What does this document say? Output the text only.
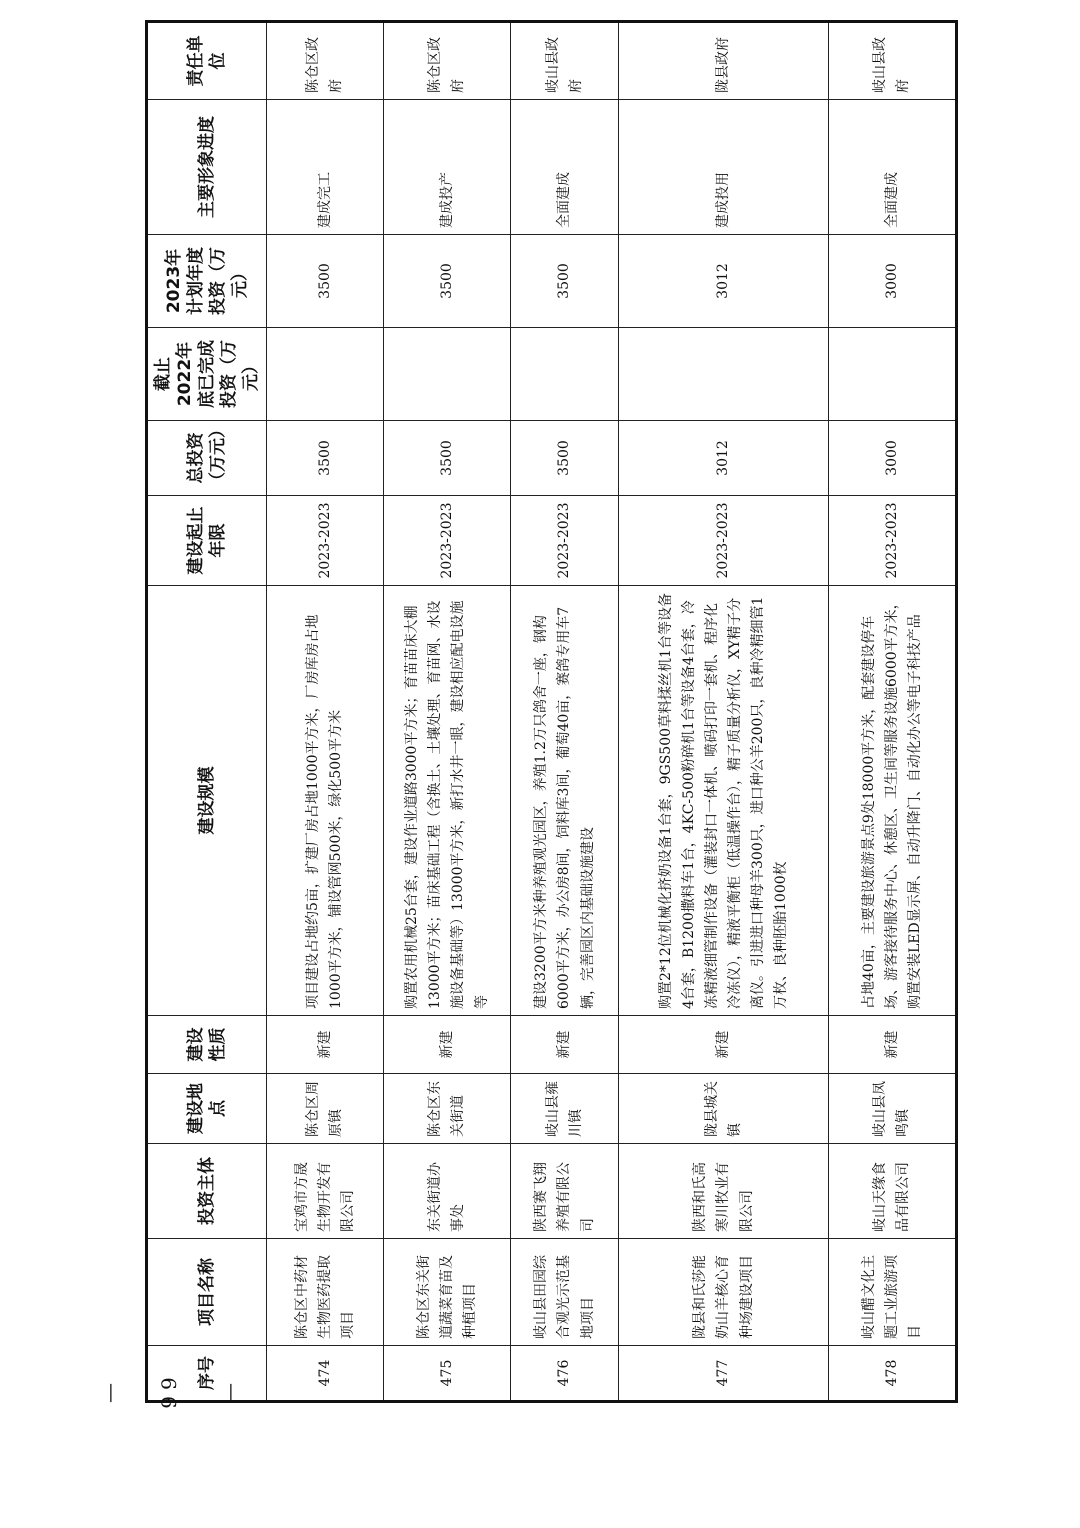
序号	项目名称	投资主体	建设地点	建设性质	建设规模	建设起止年限	总投资（万元）	截止2022年底已完成投资（万元）	2023年计划年度投资（万元）	主要形象进度	责任单位
474	陈仓区中药材生物医药提取项目	宝鸡市方晟生物开发有限公司	陈仓区周原镇	新建	项目建设占地约5亩，扩建厂房占地1000平方米，厂房库房占地1000平方米，铺设管网500米，绿化500平方米	2023-2023	3500		3500	建成完工	陈仓区政府
475	陈仓区东关街道蔬菜育苗及种植项目	东关街道办事处	陈仓区东关街道	新建	购置农用机械25台套，建设作业道路3000平方米；育苗苗床大棚13000平方米；苗床基础工程（含换土、土壤处理、育苗网、水设施设备基础等）13000平方米，新打水井一眼，建设相应配电设施等	2023-2023	3500		3500	建成投产	陈仓区政府
476	岐山县田园综合观光示范基地项目	陕西赛飞翔养殖有限公司	岐山县雍川镇	新建	建设3200平方米种养殖观光园区，养殖1.2万只鸽舍一座，钢构6000平方米，办公房8间，饲料库3间，葡萄40亩，赛鸽专用车7辆，完善园区内基础设施建设	2023-2023	3500		3500	全面建成	岐山县政府
477	陇县和氏莎能奶山羊核心育种场建设项目	陕西和氏高寒川牧业有限公司	陇县城关镇	新建	购置2*12位机械化挤奶设备1台套，9GS500草料揉丝机1台等设备4台套，B1200撒料车1台，4KC-500粉碎机1台等设备4台套，冷冻精液细管制作设备（灌装封口一体机、喷码打印一套机、程序化冷冻仪），精液平衡柜（低温操作台），精子质量分析仪，XY精子分离仪。引进进口种母羊300只，进口种公羊200只，良种冷精细管1万枚、良种胚胎1000枚	2023-2023	3012		3012	建成投用	陇县政府
478	岐山醋文化主题工业旅游项目	岐山天缘食品有限公司	岐山县凤鸣镇	新建	占地40亩，主要建设旅游景点9处18000平方米，配套建设停车场、游客接待服务中心、休憩区、卫生间等服务设施6000平方米，购置安装LED显示屏、自动升降门、自动化办公等电子科技产品	2023-2023	3000		3000	全面建成	岐山县政府
— 99 —
